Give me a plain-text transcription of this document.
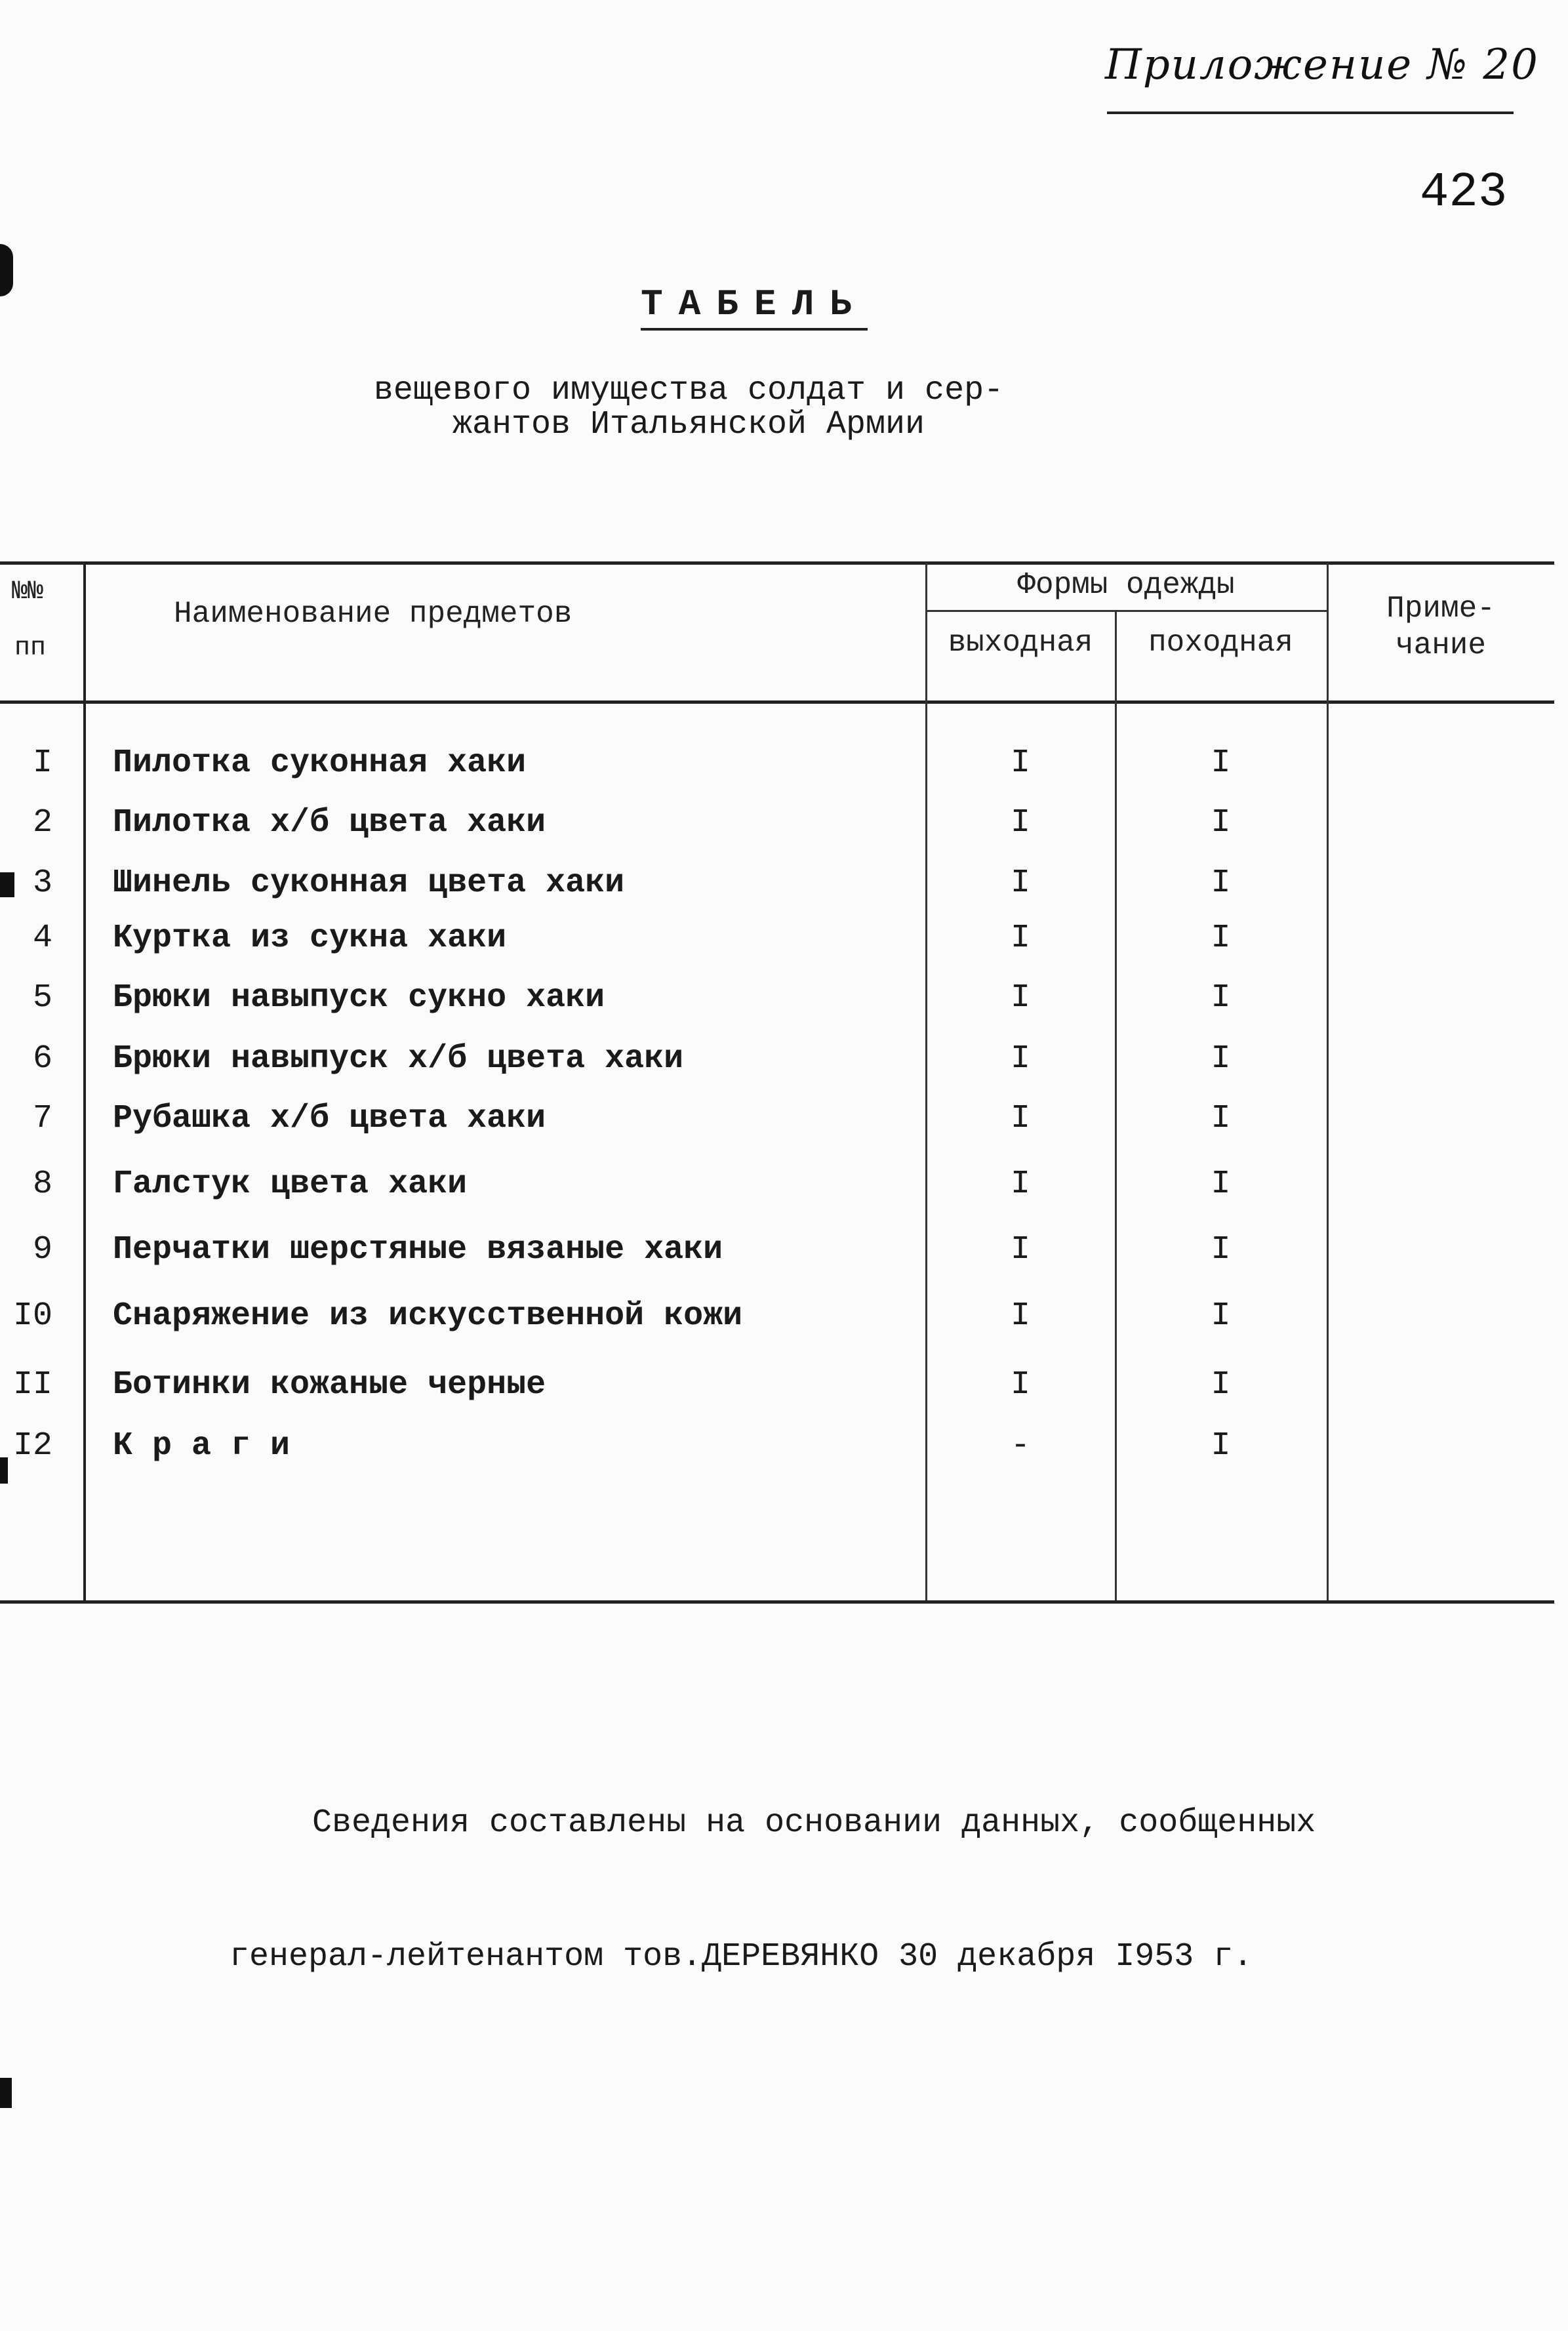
Приложение № 20
423
ТАБЕЛЬ
вещевого имущества солдат и сер-
жантов Итальянской Армии
№№
пп
Наименование предметов
Формы одежды
выходная	походная
Приме-
чание
I Пилотка суконная хаки	I	I
2 Пилотка х/б цвета хаки	I	I
3 Шинель суконная цвета хаки	I	I
4 Куртка из сукна хаки	I	I
5 Брюки навыпуск сукно хаки	I	I
6 Брюки навыпуск х/б цвета хаки	I	I
7 Рубашка х/б цвета хаки	I	I
8 Галстук цвета хаки	I	I
9 Перчатки шерстяные вязаные хаки	I	I
I0 Снаряжение из искусственной кожи	I	I
II Ботинки кожаные черные	I	I
I2 К р а г и	-	I

Сведения составлены на основании данных, сообщенных

генерал-лейтенантом тов.ДЕРЕВЯНКО 30 декабря I953 г.
